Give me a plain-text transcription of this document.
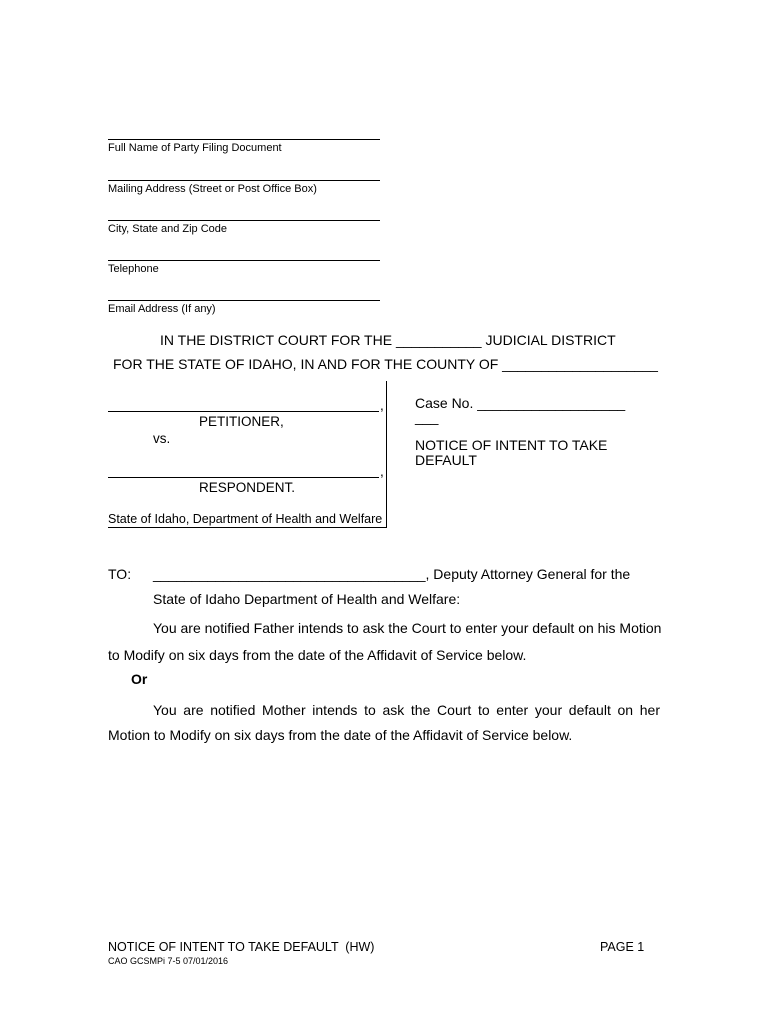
Full Name of Party Filing Document
Mailing Address (Street or Post Office Box)
City, State and Zip Code
Telephone
Email Address (If any)
IN THE DISTRICT COURT FOR THE ___________ JUDICIAL DISTRICT
FOR THE STATE OF IDAHO, IN AND FOR THE COUNTY OF ____________________
,
PETITIONER,
vs.
,
RESPONDENT.
State of Idaho, Department of Health and Welfare
Case No. ___________________
___
NOTICE OF INTENT TO TAKE
DEFAULT
TO: ___________________________________, Deputy Attorney General for the
State of Idaho Department of Health and Welfare:
You are notified Father intends to ask the Court to enter your default on his Motion
to Modify on six days from the date of the Affidavit of Service below.
Or
You are notified Mother intends to ask the Court to enter your default on her
Motion to Modify on six days from the date of the Affidavit of Service below.
NOTICE OF INTENT TO TAKE DEFAULT  (HW)	PAGE 1
CAO GCSMPi 7-5 07/01/2016
